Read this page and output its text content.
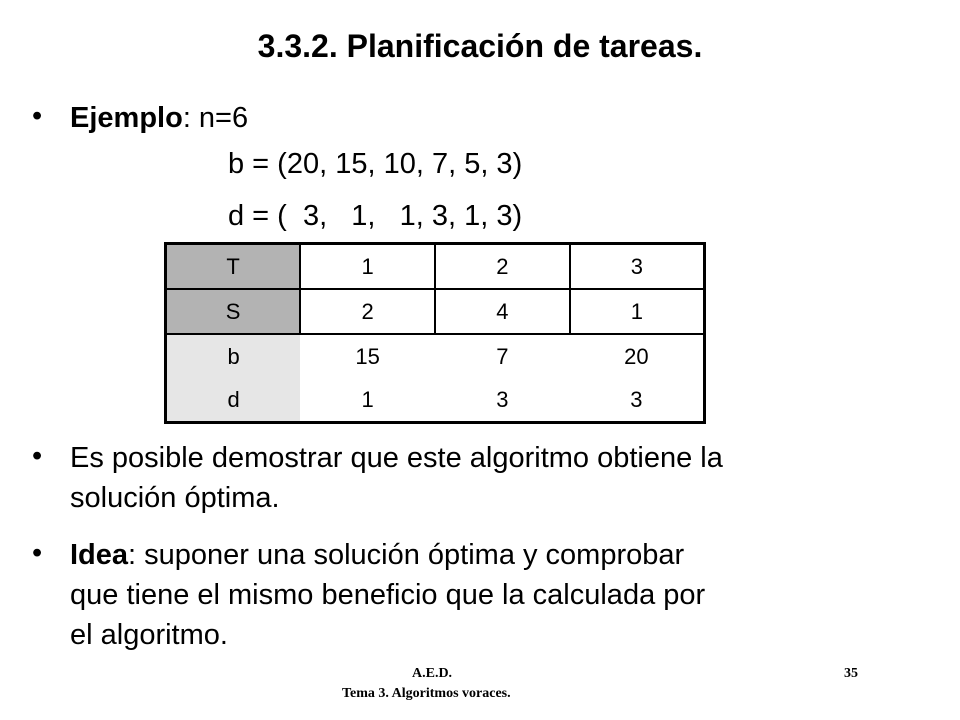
3.3.2. Planificación de tareas.
• Ejemplo: n=6
b = (20, 15, 10, 7, 5, 3)
d = (  3,   1,   1, 3, 1, 3)
T	1	2	3
S	2	4	1
b	15	7	20
d	1	3	3
• Es posible demostrar que este algoritmo obtiene la
solución óptima.
• Idea: suponer una solución óptima y comprobar
que tiene el mismo beneficio que la calculada por
el algoritmo.
A.E.D.	35
Tema 3. Algoritmos voraces.
